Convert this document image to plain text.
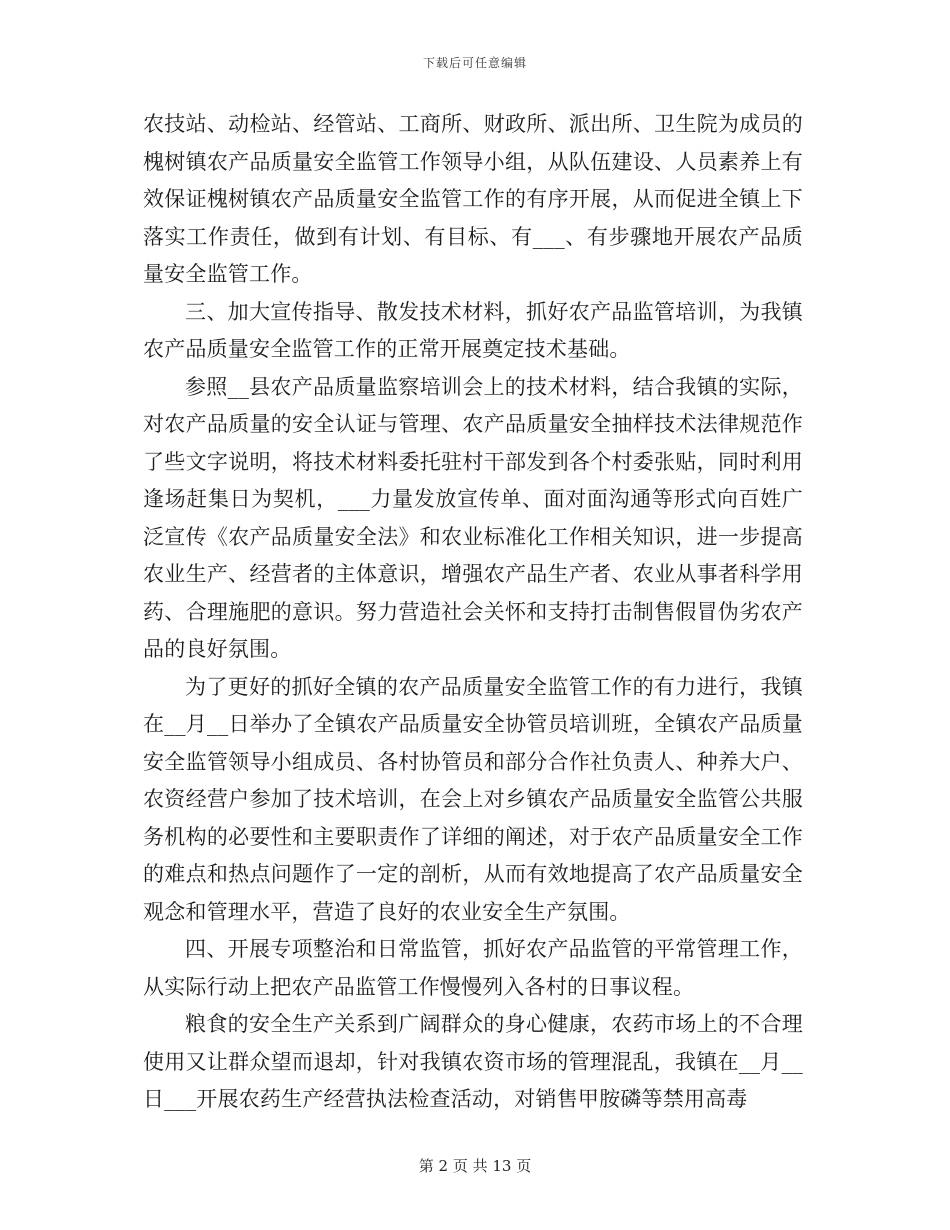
下载后可任意编辑

农技站、动检站、经管站、工商所、财政所、派出所、卫生院为成员的槐树镇农产品质量安全监管工作领导小组，从队伍建设、人员素养上有效保证槐树镇农产品质量安全监管工作的有序开展，从而促进全镇上下落实工作责任，做到有计划、有目标、有___、有步骤地开展农产品质量安全监管工作。

三、加大宣传指导、散发技术材料，抓好农产品监管培训，为我镇农产品质量安全监管工作的正常开展奠定技术基础。

参照__县农产品质量监察培训会上的技术材料，结合我镇的实际，对农产品质量的安全认证与管理、农产品质量安全抽样技术法律规范作了些文字说明，将技术材料委托驻村干部发到各个村委张贴，同时利用逢场赶集日为契机，___力量发放宣传单、面对面沟通等形式向百姓广泛宣传《农产品质量安全法》和农业标准化工作相关知识，进一步提高农业生产、经营者的主体意识，增强农产品生产者、农业从事者科学用药、合理施肥的意识。努力营造社会关怀和支持打击制售假冒伪劣农产品的良好氛围。

为了更好的抓好全镇的农产品质量安全监管工作的有力进行，我镇在__月__日举办了全镇农产品质量安全协管员培训班，全镇农产品质量安全监管领导小组成员、各村协管员和部分合作社负责人、种养大户、农资经营户参加了技术培训，在会上对乡镇农产品质量安全监管公共服务机构的必要性和主要职责作了详细的阐述，对于农产品质量安全工作的难点和热点问题作了一定的剖析，从而有效地提高了农产品质量安全观念和管理水平，营造了良好的农业安全生产氛围。

四、开展专项整治和日常监管，抓好农产品监管的平常管理工作，从实际行动上把农产品监管工作慢慢列入各村的日事议程。

粮食的安全生产关系到广阔群众的身心健康，农药市场上的不合理使用又让群众望而退却，针对我镇农资市场的管理混乱，我镇在__月__日___开展农药生产经营执法检查活动，对销售甲胺磷等禁用高毒

第 2 页 共 13 页
